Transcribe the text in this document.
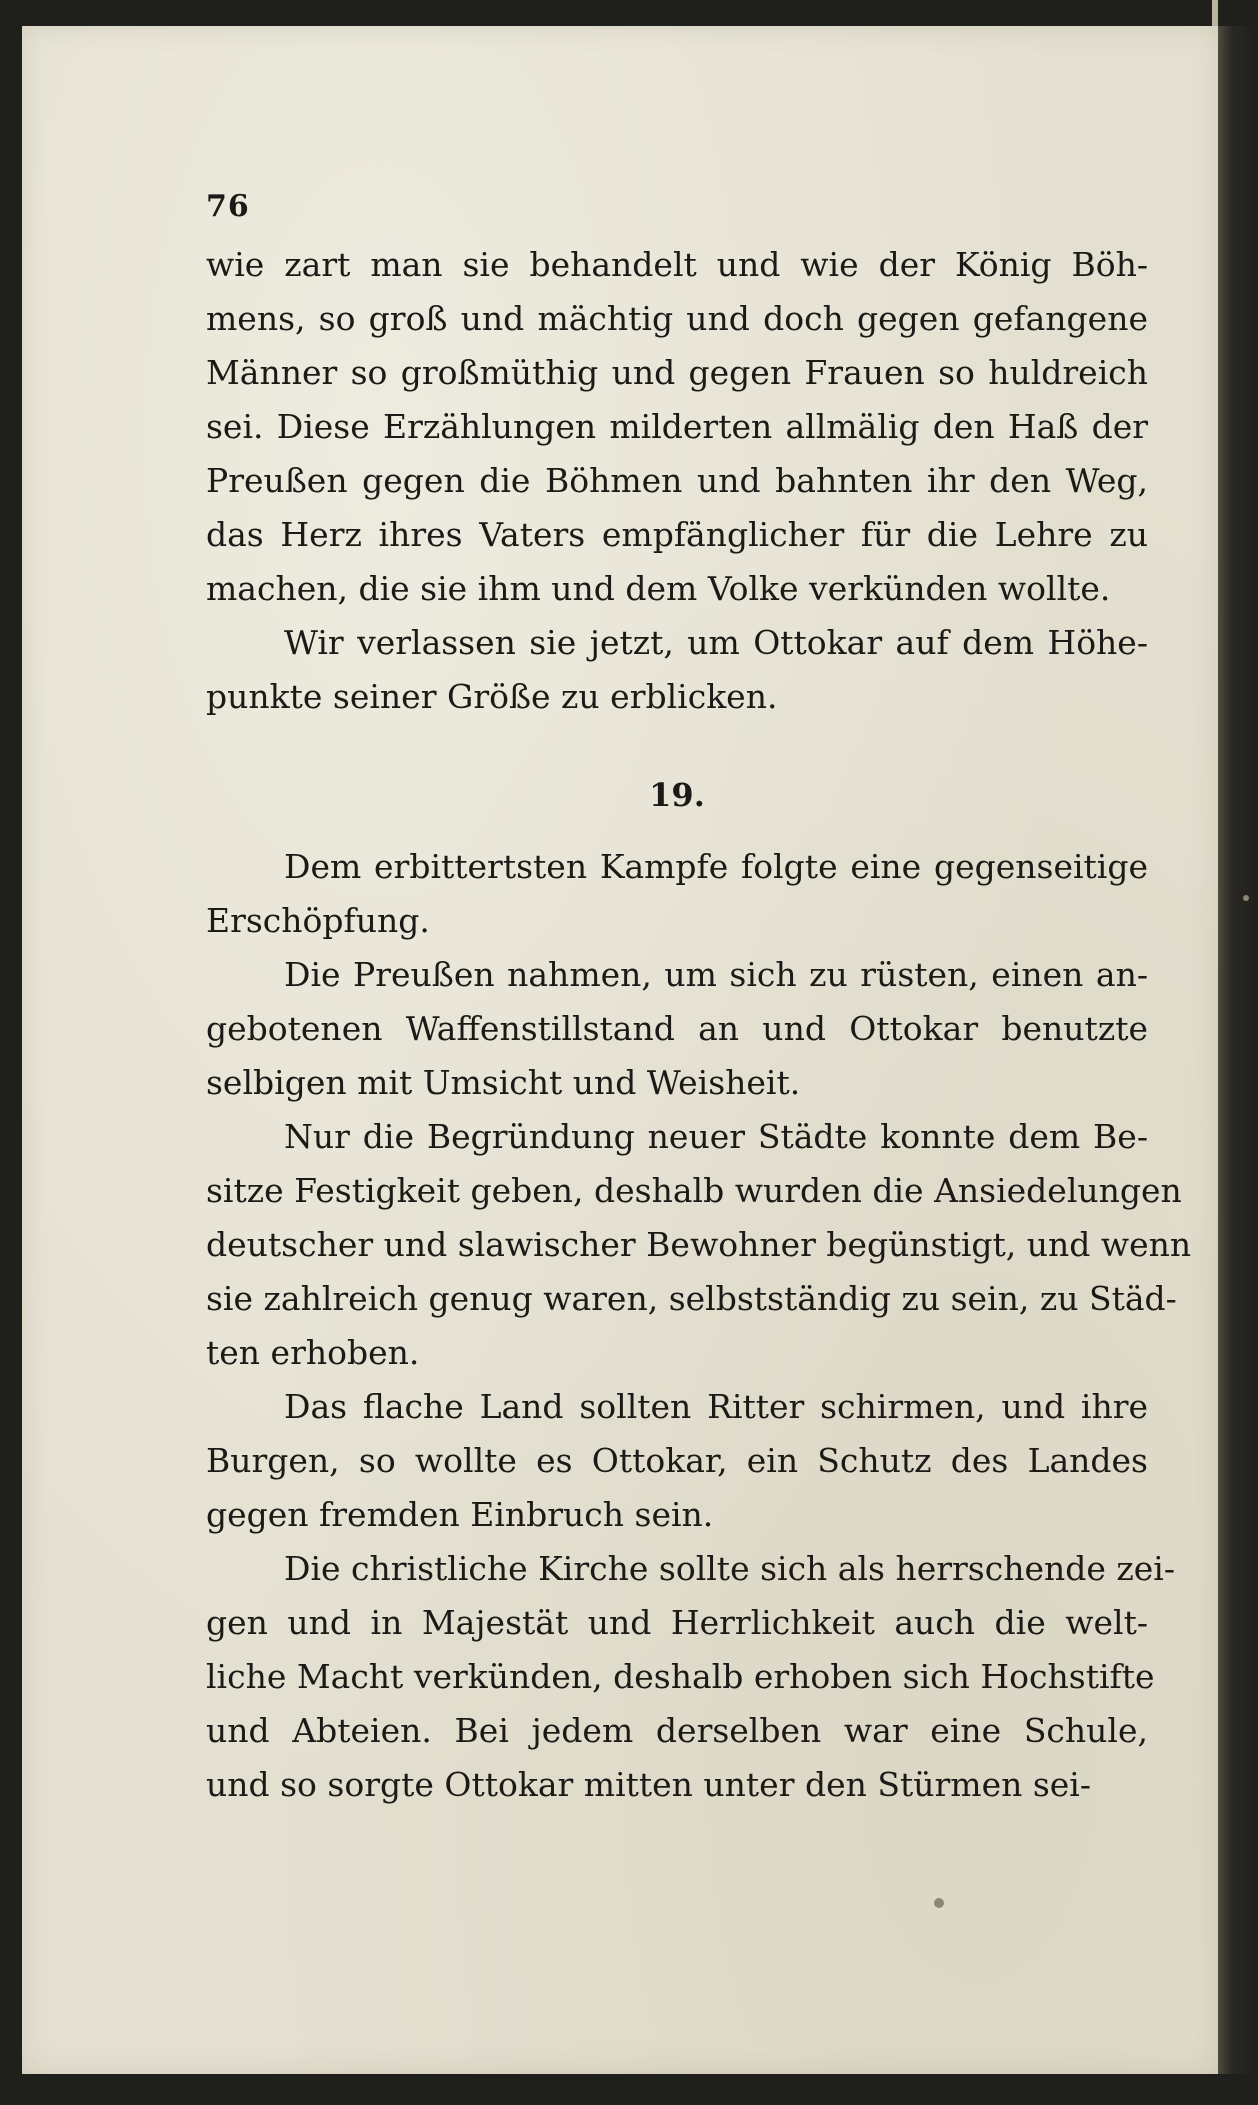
76
wie zart man sie behandelt und wie der König Böh-
mens, so groß und mächtig und doch gegen gefangene
Männer so großmüthig und gegen Frauen so huldreich
sei. Diese Erzählungen milderten allmälig den Haß der
Preußen gegen die Böhmen und bahnten ihr den Weg,
das Herz ihres Vaters empfänglicher für die Lehre zu
machen, die sie ihm und dem Volke verkünden wollte.
Wir verlassen sie jetzt, um Ottokar auf dem Höhe-
punkte seiner Größe zu erblicken.
19.
Dem erbittertsten Kampfe folgte eine gegenseitige
Erschöpfung.
Die Preußen nahmen, um sich zu rüsten, einen an-
gebotenen Waffenstillstand an und Ottokar benutzte
selbigen mit Umsicht und Weisheit.
Nur die Begründung neuer Städte konnte dem Be-
sitze Festigkeit geben, deshalb wurden die Ansiedelungen
deutscher und slawischer Bewohner begünstigt, und wenn
sie zahlreich genug waren, selbstständig zu sein, zu Städ-
ten erhoben.
Das flache Land sollten Ritter schirmen, und ihre
Burgen, so wollte es Ottokar, ein Schutz des Landes
gegen fremden Einbruch sein.
Die christliche Kirche sollte sich als herrschende zei-
gen und in Majestät und Herrlichkeit auch die welt-
liche Macht verkünden, deshalb erhoben sich Hochstifte
und Abteien. Bei jedem derselben war eine Schule,
und so sorgte Ottokar mitten unter den Stürmen sei-
